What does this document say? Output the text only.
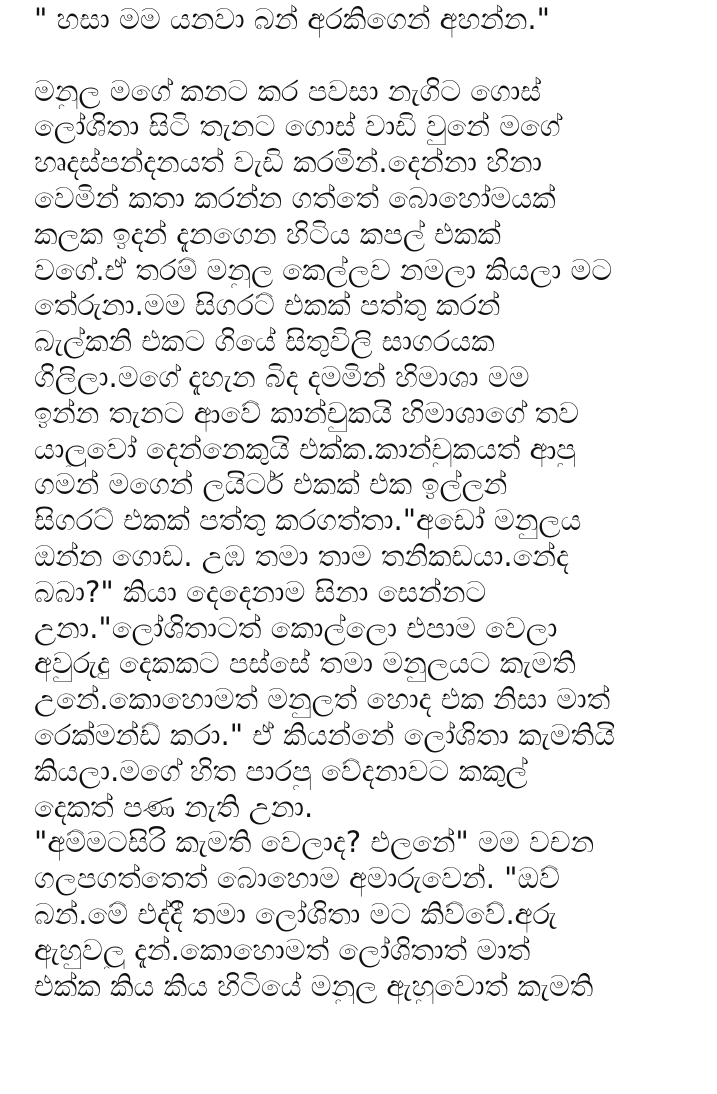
" හසා මම යනවා බන් අරකිගෙන් අහන්න."
මනුල මගේ කනට කර පවසා නැගිට ගොස්
ලෝශිතා සිටි තැනට ගොස් වාඩි වුනේ මගේ
හෘදස්පන්දනයත් වැඩි කරමින්.දෙන්නා හිනා
වෙමින් කතා කරන්න ගත්තේ බොහෝමයක්
කලක ඉදන් දැනගෙන හිටිය කපල් එකක්
වගේ.ඒ තරම් මනුල කෙල්ලව නමලා කියලා මට
තේරුනා.මම සිගරට් එකක් පත්තු කරන්
බැල්කනි එකට ගියේ සිතුවිලි සාගරයක
ගිලිලා.මගේ දැහැන බිද දමමින් හිමාශා මම
ඉන්න තැනට ආවේ කාන්චුකයි හිමාශාගේ තව
යාලුවෝ දෙන්නෙකුයි එක්ක.කාන්චුකයත් ආපු
ගමන් මගෙන් ලයිටර් එකක් එක ඉල්ලන්
සිගරට් එකක් පත්තු කරගත්තා."අඩෝ මනුලය
ඔන්න ගොඩ. උඹ තමා තාම තනිකඩයා.නේද
බබා?" කියා දෙදෙනාම සිනා සෙන්නට
උනා."ලෝශිතාටත් කොල්ලො එපාම වෙලා
අවුරුදු දෙකකට පස්සේ තමා මනුලයට කැමති
උනේ.කොහොමත් මනුලත් හොද එක නිසා මාත්
රෙක්මන්ඩ් කරා." ඒ කියන්නේ ලෝශිතා කැමතියි
කියලා.මගේ හිත පාරපු වේදනාවට කකුල්
දෙකත් පණ නැති උනා.
"අම්මටසිරි කැමති වෙලාද? එලනේ" මම වචන
ගලපගත්තෙත් බොහොම අමාරුවෙන්. "ඔව්
බන්.මේ එද්දී තමා ලෝශිතා මට කිව්වේ.අරු
ඇහුවලු දැන්.කොහොමත් ලෝශිතාත් මාත්
එක්ක කිය කිය හිටියේ මනුල ඇහුවොත් කැමති
